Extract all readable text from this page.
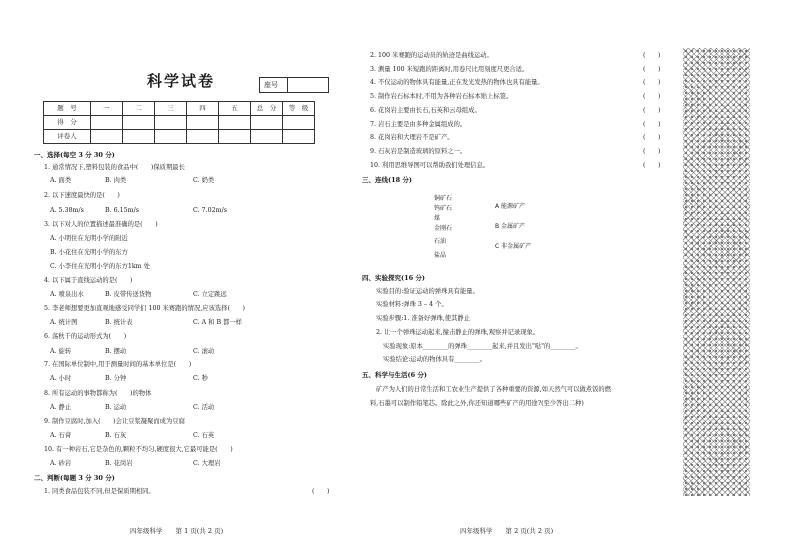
科学试卷	座号
题　号	一	二	三	四	五	总　分	等　级
得　分							
评卷人							
一、选择(每空 3 分 30 分)
1. 通常情况下,塑料包装的食品中(　　)保质期最长
A. 面类	B. 肉类	C. 奶类
2. 以下速度最快的是(　　)
A. 5.38m/s	B. 6.15m/s	C. 7.02m/s
3. 以下对人的位置描述最准确的是(　　)
A. 小明住在光明小学的附近
B. 小花住在光明小学的东方
C. 小李住在光明小学的东方1km 处
4. 以下属于直线运动的是(　　)
A. 喷泉出水	B. 皮带传送货物	C. 立定跳远
5. 李老师想要更加直观地感受同学们 100 米赛跑的情况,应该选择(　　)
A. 统计图	B. 统计表	C. A 和 B 都一样
6. 荡秋千的运动形式为(　　)
A. 旋转	B. 摆动	C. 滚动
7. 在国际单位制中,用于测量时间的基本单位是(　　)
A. 小时	B. 分钟	C. 秒
8. 所有运动的事物都称为(　　)的物体
A. 静止	B. 运动	C. 活动
9. 制作豆腐时,加入(　　)会让豆浆凝聚而成为豆腐
A. 石膏	B. 石灰	C. 石英
10. 有一种岩石,它是杂色的,颗粒不均匀,硬度很大,它最可能是(　　)
A. 砂岩	B. 花岗岩	C. 大理岩
二、判断(每题 3 分 30 分)
1. 同类食品包装不同,但是保质期相同。	(　　)
四年级科学　　第 1 页(共 2 页)
2. 100 米赛跑的运动员的轨迹是曲线运动。	(　　)
3. 测量 100 米短跑的距离时,用卷尺比用刻度尺更合适。	(　　)
4. 不仅运动的物体具有能量,正在发光发热的物体也具有能量。	(　　)
5. 制作岩石标本时,不用为各种岩石标本贴上标签。	(　　)
6. 花岗岩主要由长石,石英和云母组成。	(　　)
7. 岩石主要是由多种金属组成的。	(　　)
8. 花岗岩和大理岩不是矿产。	(　　)
9. 石灰岩是制造玻璃的原料之一。	(　　)
10. 利用思维导图可以帮助我们处理信息。	(　　)
三、连线(18 分)
铜矿石
钨矿石
煤
金刚石
石油
盐晶
A 能源矿产
B 金属矿产
C 非金属矿产
四、实验探究(16 分)
实验目的:验证运动的弹珠具有能量。
实验材料:弹珠 3 – 4 个。
实验步骤:1. 准备好弹珠,使其静止
2. 让一个弹珠运动起来,撞击静止的弹珠,观察并记录现象。
实验现象:原本________的弹珠________起来,并且发出"哒"的________。
实验结论:运动的物体具有________。
五、科学与生活(6 分)
矿产为人们的日常生活和工农业生产提供了各种重要的资源,如天然气可以做煮饭的燃
料,石墨可以制作铅笔芯。除此之外,你还知道哪些矿产的用途?(至少答出二种)
四年级科学　　第 2 页(共 2 页)
